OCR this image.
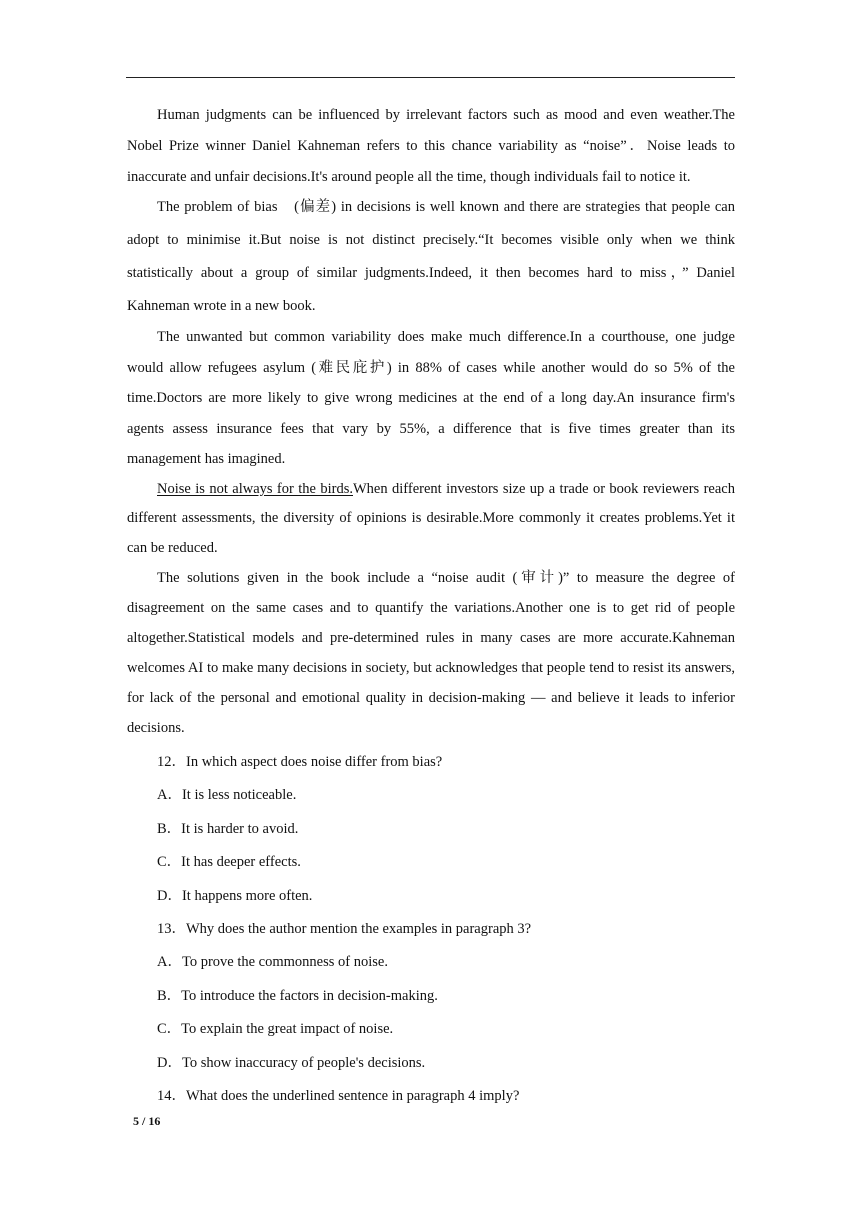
Human judgments can be influenced by irrelevant factors such as mood and even weather.The Nobel Prize winner Daniel Kahneman refers to this chance variability as “noise”．Noise leads to inaccurate and unfair decisions.It's around people all the time, though individuals fail to notice it.

The problem of bias　(偏差) in decisions is well known and there are strategies that people can adopt to minimise it.But noise is not distinct precisely.“It becomes visible only when we think statistically about a group of similar judgments.Indeed, it then becomes hard to miss，” Daniel Kahneman wrote in a new book.

The unwanted but common variability does make much difference.In a courthouse, one judge would allow refugees asylum (难民庇护) in 88% of cases while another would do so 5% of the time.Doctors are more likely to give wrong medicines at the end of a long day.An insurance firm's agents assess insurance fees that vary by 55%, a difference that is five times greater than its management has imagined.

Noise is not always for the birds.When different investors size up a trade or book reviewers reach different assessments, the diversity of opinions is desirable.More commonly it creates problems.Yet it can be reduced.

The solutions given in the book include a “noise audit (审计)” to measure the degree of disagreement on the same cases and to quantify the variations.Another one is to get rid of people altogether.Statistical models and pre-determined rules in many cases are more accurate.Kahneman welcomes AI to make many decisions in society, but acknowledges that people tend to resist its answers, for lack of the personal and emotional quality in decision-making — and believe it leads to inferior decisions.

12．In which aspect does noise differ from bias?
A．It is less noticeable.
B．It is harder to avoid.
C．It has deeper effects.
D．It happens more often.
13．Why does the author mention the examples in paragraph 3?
A．To prove the commonness of noise.
B．To introduce the factors in decision-making.
C．To explain the great impact of noise.
D．To show inaccuracy of people's decisions.
14．What does the underlined sentence in paragraph 4 imply?
5 / 16
